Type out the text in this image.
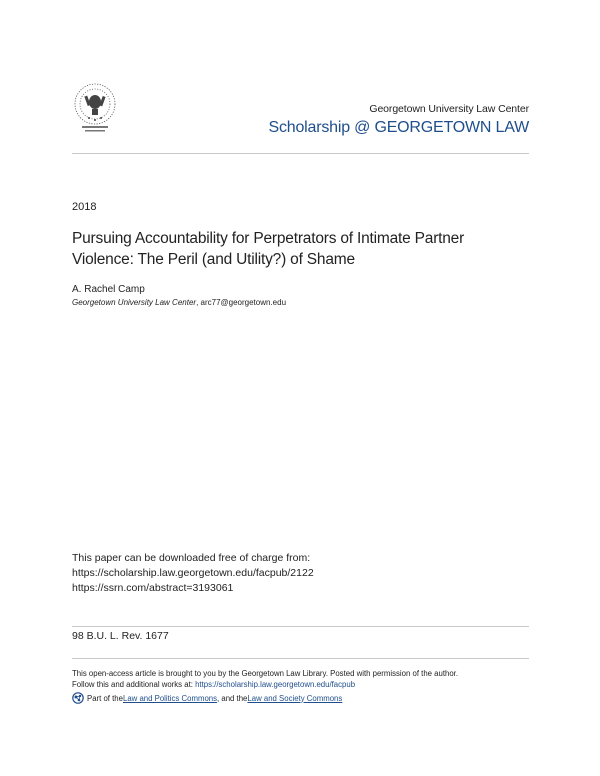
Georgetown University Law Center
Scholarship @ GEORGETOWN LAW
2018
Pursuing Accountability for Perpetrators of Intimate Partner
Violence: The Peril (and Utility?) of Shame
A. Rachel Camp
Georgetown University Law Center, arc77@georgetown.edu
This paper can be downloaded free of charge from:
https://scholarship.law.georgetown.edu/facpub/2122
https://ssrn.com/abstract=3193061
98 B.U. L. Rev. 1677
This open-access article is brought to you by the Georgetown Law Library. Posted with permission of the author.
Follow this and additional works at: https://scholarship.law.georgetown.edu/facpub
Part of the Law and Politics Commons , and the Law and Society Commons
